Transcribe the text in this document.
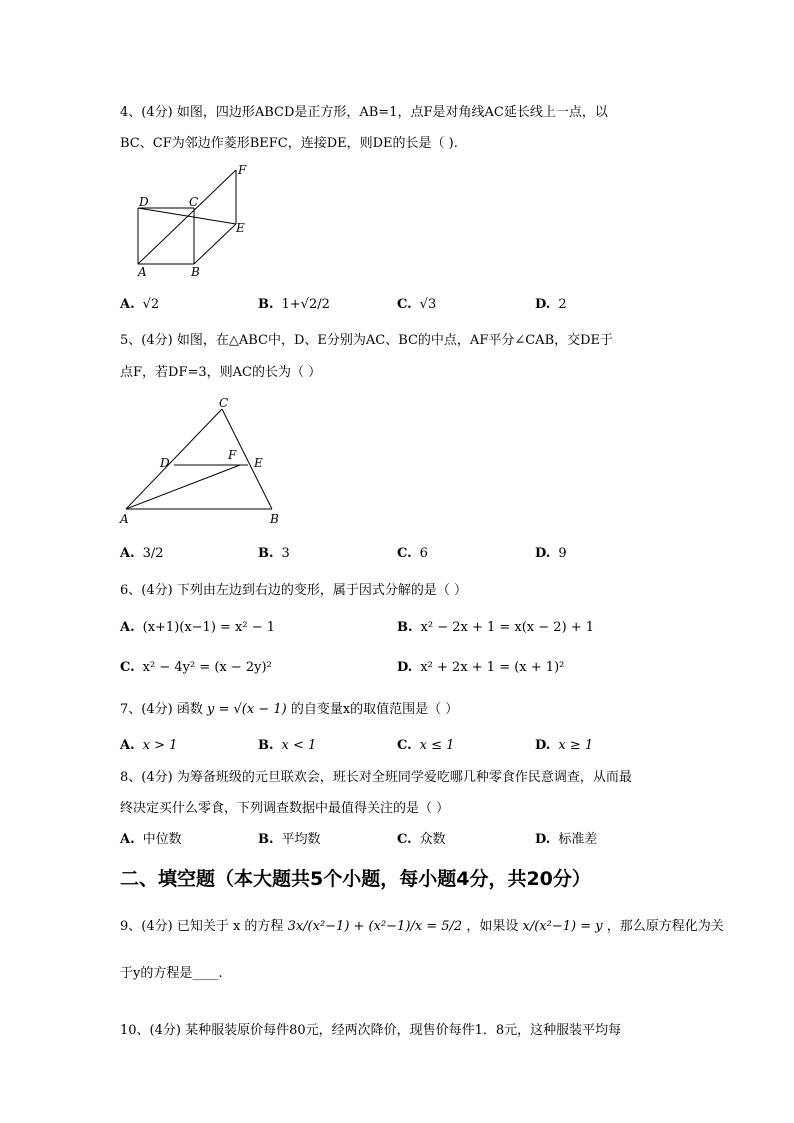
4、(4分) 如图，四边形ABCD是正方形，AB=1，点F是对角线AC延长线上一点，以
BC、CF为邻边作菱形BEFC，连接DE，则DE的长是（ ).
D	C
F
E
A	B
A. √2	B. 1+√2/2	C. √3	D. 2
5、(4分) 如图，在△ABC中，D、E分别为AC、BC的中点，AF平分∠CAB，交DE于
点F，若DF=3，则AC的长为（ ）
C
D
F
E
A	B
A. 3/2	B. 3	C. 6	D. 9
6、(4分) 下列由左边到右边的变形，属于因式分解的是（ ）
A. (x+1)(x−1) = x² − 1	B. x² − 2x + 1 = x(x − 2) + 1
C. x² − 4y² = (x − 2y)²	D. x² + 2x + 1 = (x + 1)²
7、(4分) 函数 y = √(x − 1) 的自变量x的取值范围是（ ）
A. x > 1	B. x < 1	C. x ≤ 1	D. x ≥ 1
8、(4分) 为筹备班级的元旦联欢会，班长对全班同学爱吃哪几种零食作民意调查，从而最
终决定买什么零食，下列调查数据中最值得关注的是（ ）
A. 中位数	B. 平均数	C. 众数	D. 标准差
二、填空题（本大题共5个小题，每小题4分，共20分）
9、(4分) 已知关于 x 的方程 3x/(x²−1) + (x²−1)/x = 5/2 ，如果设 x/(x²−1) = y ，那么原方程化为关
于y的方程是____.
10、(4分) 某种服装原价每件80元，经两次降价，现售价每件1．8元，这种服装平均每
